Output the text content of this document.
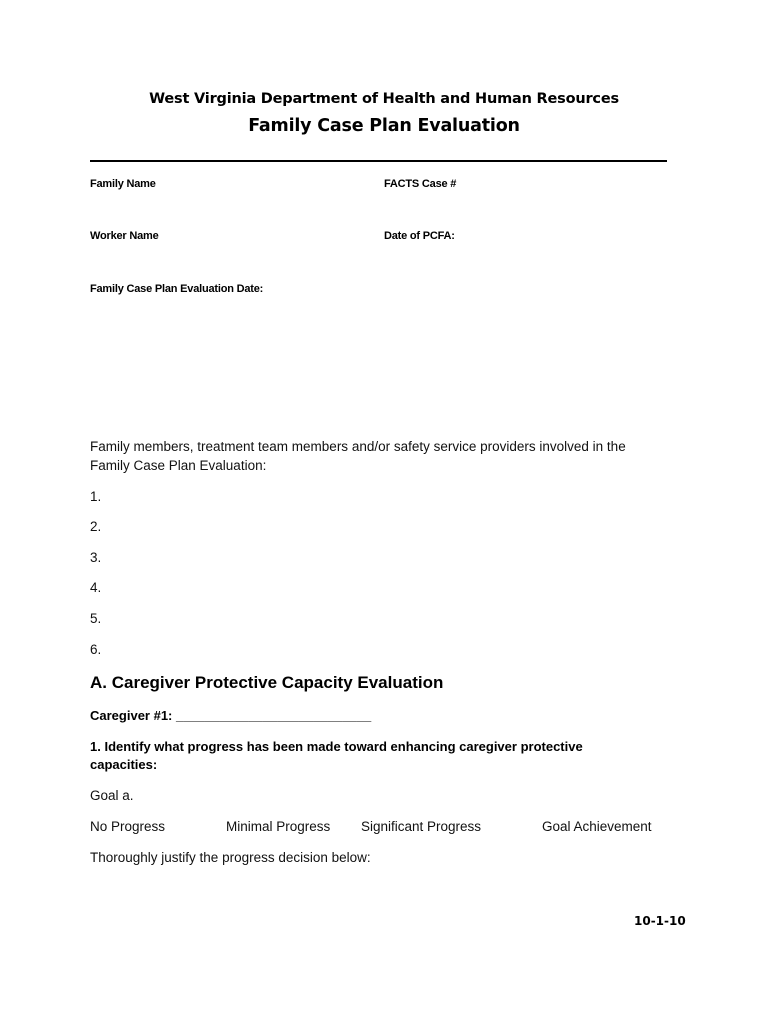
West Virginia Department of Health and Human Resources
Family Case Plan Evaluation
Family Name	FACTS Case #
Worker Name	Date of PCFA:
Family Case Plan Evaluation Date:
Family members, treatment team members and/or safety service providers involved in the
Family Case Plan Evaluation:
1.
2.
3.
4.
5.
6.
A. Caregiver Protective Capacity Evaluation
Caregiver #1: ___________________________
1. Identify what progress has been made toward enhancing caregiver protective
capacities:
Goal a.
No Progress	Minimal Progress Significant Progress	Goal Achievement
Thoroughly justify the progress decision below:
10-1-10
